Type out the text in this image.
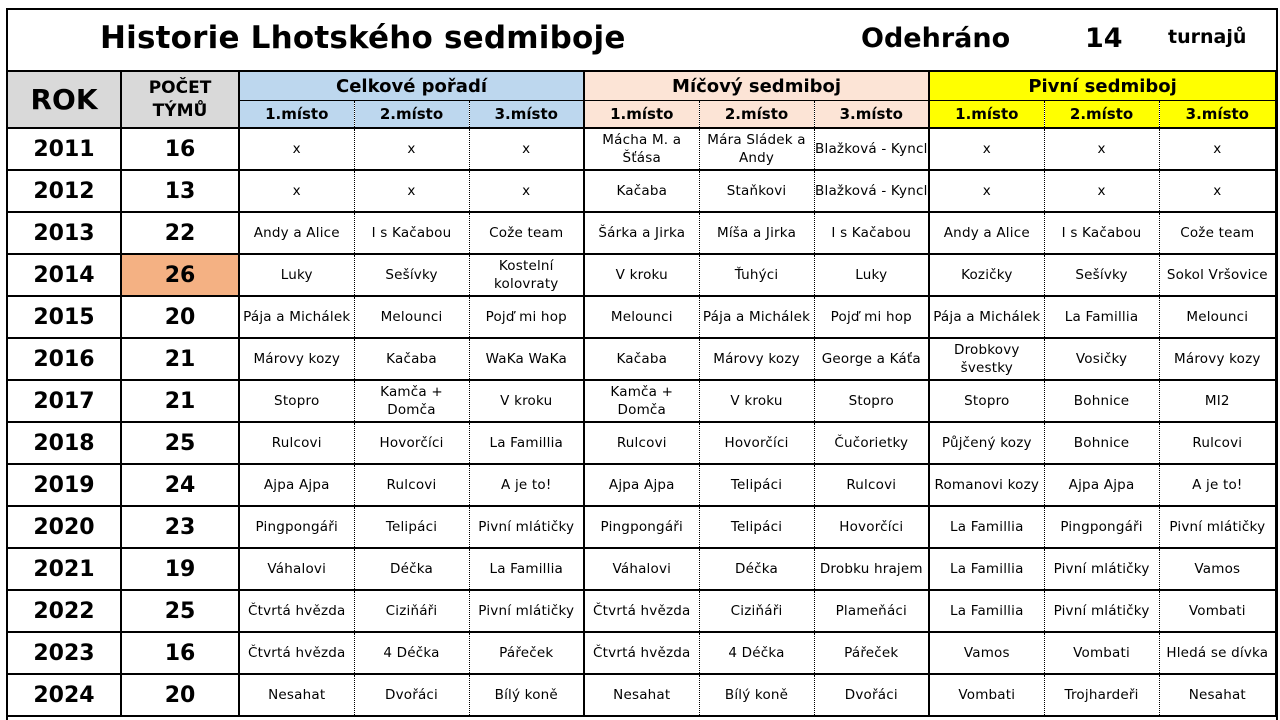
Historie Lhotského sedmiboje	Odehráno	14 turnajů
ROK	POČET TÝMŮ	Celkové pořadí			Míčový sedmiboj			Pivní sedmiboj		
		1.místo	2.místo	3.místo	1.místo	2.místo	3.místo	1.místo	2.místo	3.místo
2011	16	x	x	x	Mácha M. a Šťása	Mára Sládek a Andy	Blažková - Kyncl	x	x	x
2012	13	x	x	x	Kačaba	Staňkovi	Blažková - Kyncl	x	x	x
2013	22	Andy a Alice	I s Kačabou	Cože team	Šárka a Jirka	Míša a Jirka	I s Kačabou	Andy a Alice	I s Kačabou	Cože team
2014	26	Luky	Sešívky	Kostelní kolovraty	V kroku	Ťuhýci	Luky	Kozičky	Sešívky	Sokol Vršovice
2015	20	Pája a Michálek	Melounci	Pojď mi hop	Melounci	Pája a Michálek	Pojď mi hop	Pája a Michálek	La Famillia	Melounci
2016	21	Márovy kozy	Kačaba	WaKa WaKa	Kačaba	Márovy kozy	George a Káťa	Drobkovy švestky	Vosičky	Márovy kozy
2017	21	Stopro	Kamča + Domča	V kroku	Kamča + Domča	V kroku	Stopro	Stopro	Bohnice	MI2
2018	25	Rulcovi	Hovorčíci	La Famillia	Rulcovi	Hovorčíci	Čučorietky	Půjčený kozy	Bohnice	Rulcovi
2019	24	Ajpa Ajpa	Rulcovi	A je to!	Ajpa Ajpa	Telipáci	Rulcovi	Romanovi kozy	Ajpa Ajpa	A je to!
2020	23	Pingpongáři	Telipáci	Pivní mlátičky	Pingpongáři	Telipáci	Hovorčíci	La Famillia	Pingpongáři	Pivní mlátičky
2021	19	Váhalovi	Déčka	La Famillia	Váhalovi	Déčka	Drobku hrajem	La Famillia	Pivní mlátičky	Vamos
2022	25	Čtvrtá hvězda	Ciziňáři	Pivní mlátičky	Čtvrtá hvězda	Ciziňáři	Plameňáci	La Famillia	Pivní mlátičky	Vombati
2023	16	Čtvrtá hvězda	4 Déčka	Pářeček	Čtvrtá hvězda	4 Déčka	Pářeček	Vamos	Vombati	Hledá se dívka
2024	20	Nesahat	Dvořáci	Bílý koně	Nesahat	Bílý koně	Dvořáci	Vombati	Trojhardeři	Nesahat
